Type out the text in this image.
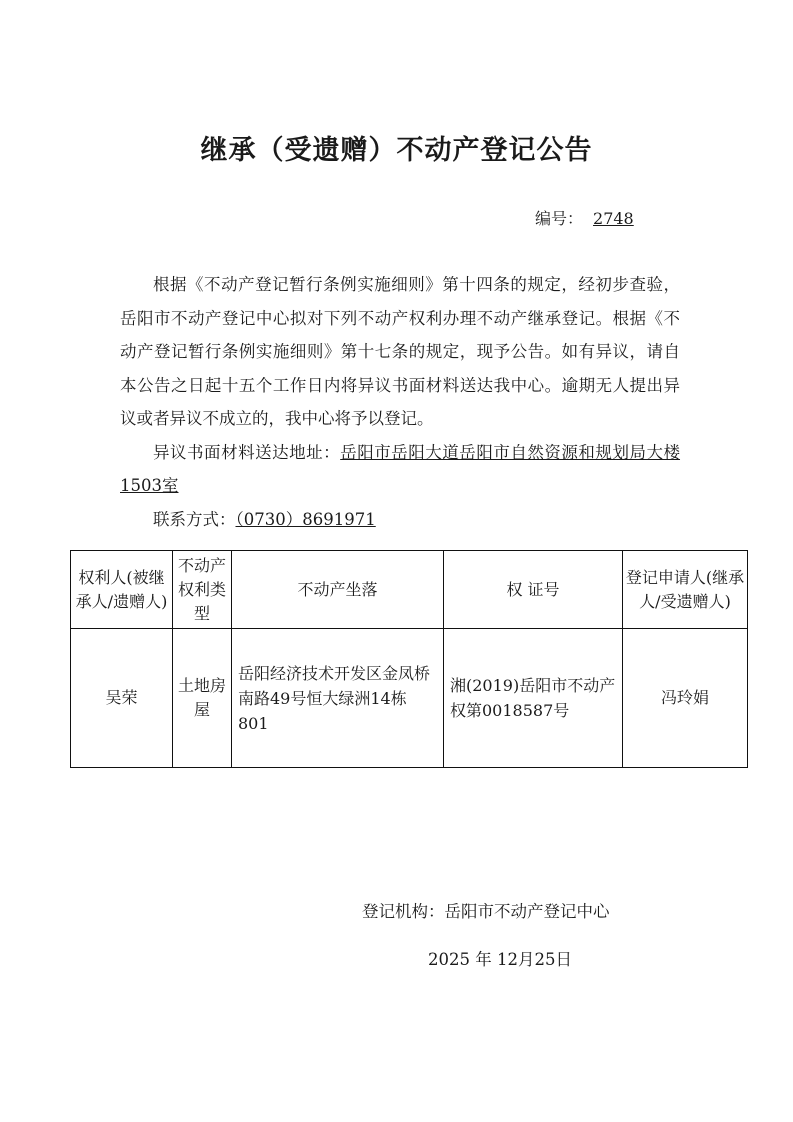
继承（受遗赠）不动产登记公告
编号： 2748

根据《不动产登记暂行条例实施细则》第十四条的规定，经初步查验，岳阳市不动产登记中心拟对下列不动产权利办理不动产继承登记。根据《不动产登记暂行条例实施细则》第十七条的规定，现予公告。如有异议，请自本公告之日起十五个工作日内将异议书面材料送达我中心。逾期无人提出异议或者异议不成立的，我中心将予以登记。

异议书面材料送达地址：岳阳市岳阳大道岳阳市自然资源和规划局大楼1503室

联系方式：（0730）8691971

权利人(被继承人/遗赠人)	不动产权利类型	不动产坐落	权 证号	登记申请人(继承人/受遗赠人)
吴荣	土地房屋	岳阳经济技术开发区金凤桥南路49号恒大绿洲14栋801	湘(2019)岳阳市不动产权第0018587号	冯玲娟
登记机构：岳阳市不动产登记中心
2025 年 12月25日
